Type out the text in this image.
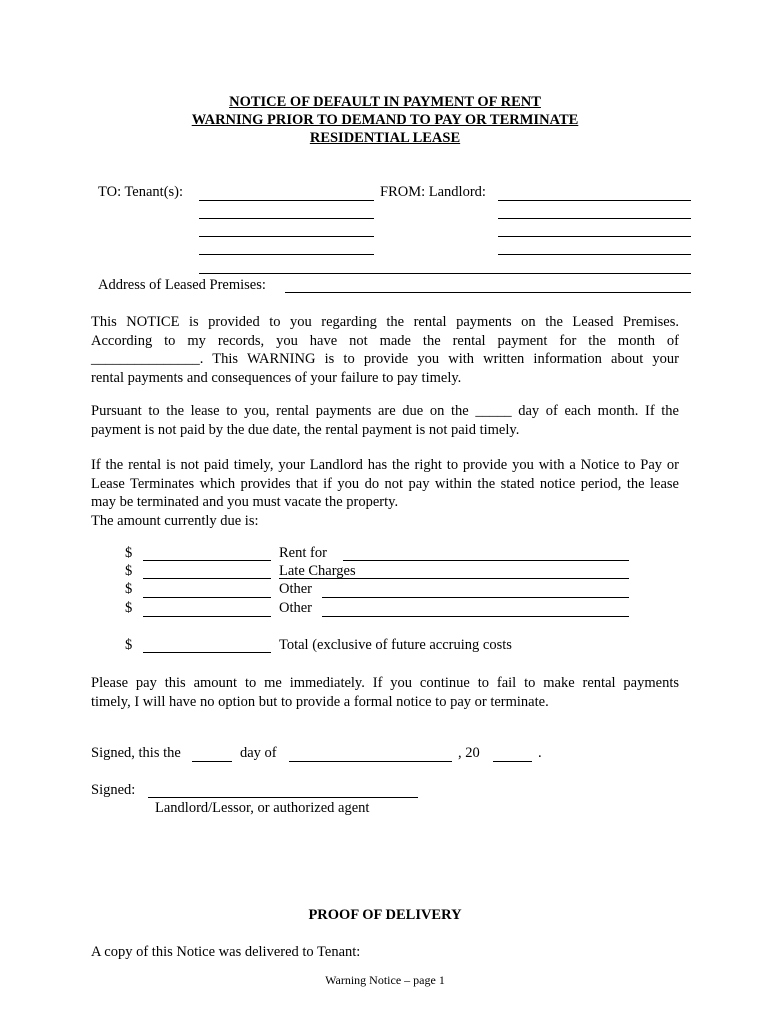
NOTICE OF DEFAULT IN PAYMENT OF RENT
WARNING PRIOR TO DEMAND TO PAY OR TERMINATE
RESIDENTIAL LEASE
TO: Tenant(s):	FROM: Landlord:
Address of Leased Premises:
This NOTICE is provided to you regarding the rental payments on the Leased Premises.
According to my records, you have not made the rental payment for the month of
_______________. This WARNING is to provide you with written information about your
rental payments and consequences of your failure to pay timely.
Pursuant to the lease to you, rental payments are due on the _____ day of each month. If the
payment is not paid by the due date, the rental payment is not paid timely.
If the rental is not paid timely, your Landlord has the right to provide you with a Notice to Pay or
Lease Terminates which provides that if you do not pay within the stated notice period, the lease
may be terminated and you must vacate the property.
The amount currently due is:
$	Rent for
$	Late Charges
$	Other
$	Other
$	Total (exclusive of future accruing costs
Please pay this amount to me immediately. If you continue to fail to make rental payments
timely, I will have no option but to provide a formal notice to pay or terminate.
Signed, this the	day of	, 20	.
Signed:
Landlord/Lessor, or authorized agent
PROOF OF DELIVERY
A copy of this Notice was delivered to Tenant:
Warning Notice – page 1
